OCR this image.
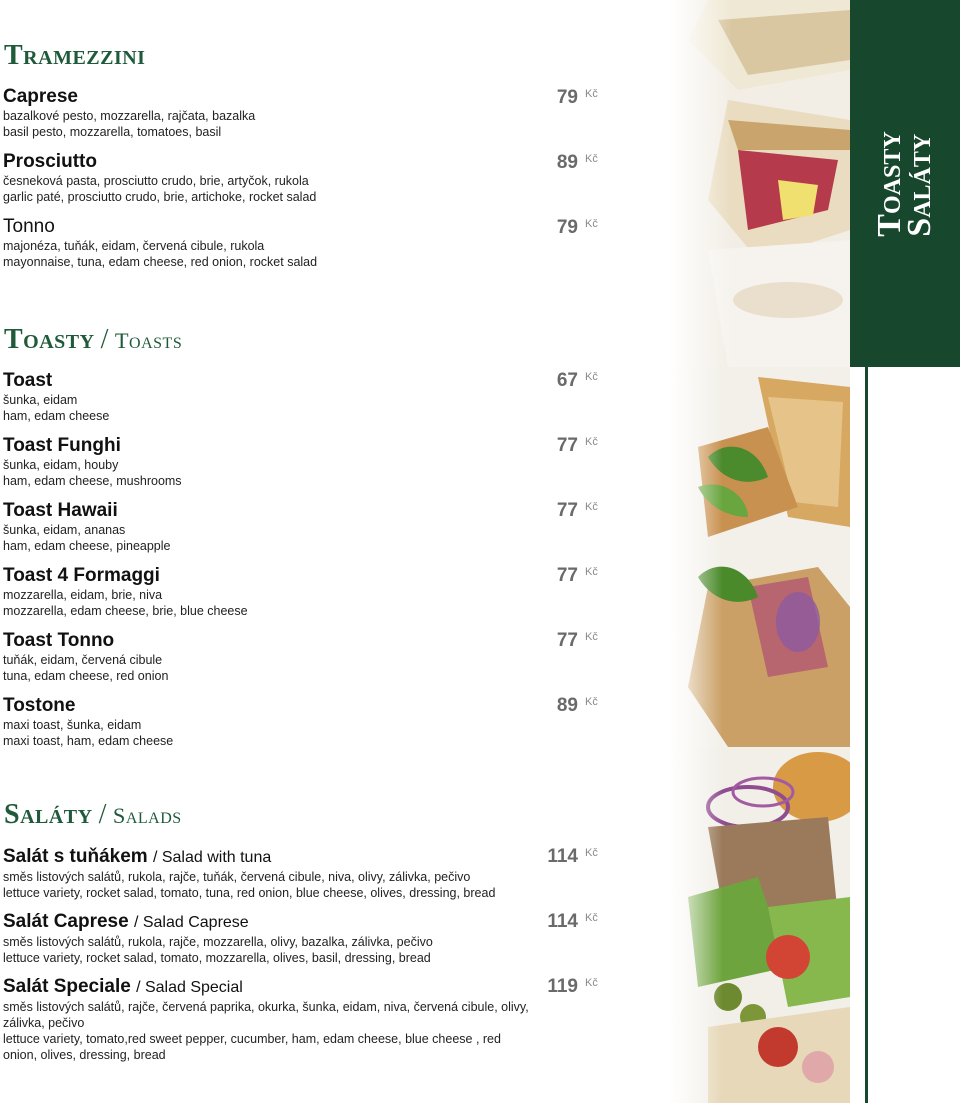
Tramezzini
Caprese
bazalkové pesto, mozzarella, rajčata, bazalka
basil pesto, mozzarella, tomatoes, basil
79 Kč
Prosciutto
česneková pasta, prosciutto crudo, brie, artyčok, rukola
garlic paté, prosciutto crudo, brie, artichoke, rocket salad
89 Kč
Tonno
majonéza, tuňák, eidam, červená cibule, rukola
mayonnaise, tuna, edam cheese, red onion, rocket salad
79 Kč
Toasty / Toasts
Toast
šunka, eidam
ham, edam cheese
67 Kč
Toast Funghi
šunka, eidam, houby
ham, edam cheese, mushrooms
77 Kč
Toast Hawaii
šunka, eidam, ananas
ham, edam cheese, pineapple
77 Kč
Toast 4 Formaggi
mozzarella, eidam, brie, niva
mozzarella, edam cheese, brie, blue cheese
77 Kč
Toast Tonno
tuňák, eidam, červená cibule
tuna, edam cheese, red onion
77 Kč
Tostone
maxi toast, šunka, eidam
maxi toast, ham, edam cheese
89 Kč
Saláty / Salads
Salát s tuňákem / Salad with tuna
směs listových salátů, rukola, rajče, tuňák, červená cibule, niva, olivy, zálivka, pečivo
lettuce variety, rocket salad, tomato, tuna, red onion, blue cheese, olives, dressing, bread
114 Kč
Salát Caprese / Salad Caprese
směs listových salátů, rukola, rajče, mozzarella, olivy, bazalka, zálivka, pečivo
lettuce variety, rocket salad, tomato, mozzarella, olives, basil, dressing, bread
114 Kč
Salát Speciale / Salad Special
směs listových salátů, rajče, červená paprika, okurka, šunka, eidam, niva, červená cibule, olivy, zálivka, pečivo
lettuce variety, tomato,red sweet pepper, cucumber, ham, edam cheese, blue cheese , red onion, olives, dressing, bread
119 Kč
Toasty
Saláty
